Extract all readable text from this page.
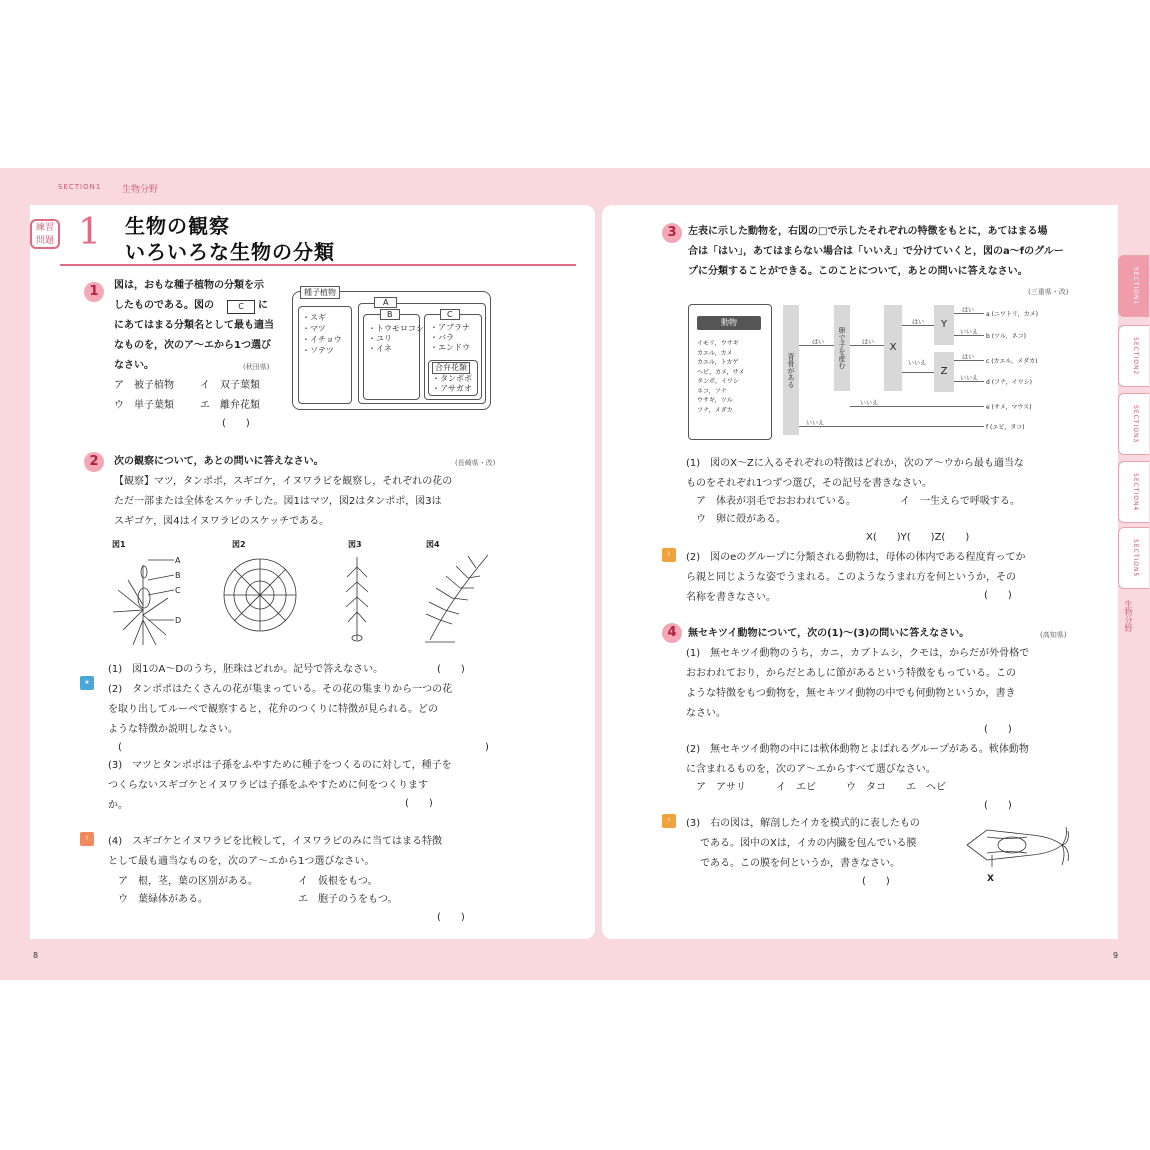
SECTION1 生物分野
練習問題 1 生物の観察
いろいろな生物の分類
1	図は，おもな種子植物の分類を示
したものである。図の	C	に
にあてはまる分類名として最も適当
なものを，次のア〜エから1つ選び
なさい。	(秋田県)
ア　被子植物	イ　双子葉類
ウ　単子葉類	エ　離弁花類
(　　)
種子植物
・スギ
・マツ
・イチョウ
・ソテツ
A
B
・トウモロコシ
・ユリ
・イネ
C
・アブラナ
・バラ
・エンドウ
合弁花類
・タンポポ
・アサガオ
2	次の観察について，あとの問いに答えなさい。	(長崎県・改)
【観察】マツ，タンポポ，スギゴケ，イヌワラビを観察し，それぞれの花の
ただ一部または全体をスケッチした。図1はマツ，図2はタンポポ，図3は
スギゴケ，図4はイヌワラビのスケッチである。
図1	図2	図3	図4
A
B
C
D
(1)　図1のA〜Dのうち，胚珠はどれか。記号で答えなさい。	(　　)
★
(2)　タンポポはたくさんの花が集まっている。その花の集まりから一つの花
を取り出してルーペで観察すると，花弁のつくりに特徴が見られる。どの
ような特徴か説明しなさい。
(	)
(3)　マツとタンポポは子孫をふやすために種子をつくるのに対して，種子を
つくらないスギゴケとイヌワラビは子孫をふやすために何をつくります
か。	(　　)
!	(4)　スギゴケとイヌワラビを比較して，イヌワラビのみに当てはまる特徴
として最も適当なものを，次のア〜エから1つ選びなさい。
ア　根，茎，葉の区別がある。	イ　仮根をもつ。
ウ　葉緑体がある。	エ　胞子のうをもつ。
(　　)
3	左表に示した動物を，右図の□で示したそれぞれの特徴をもとに，あてはまる場
合は「はい」，あてはまらない場合は「いいえ」で分けていくと，図のa〜fのグルー
プに分類することができる。このことについて，あとの問いに答えなさい。
(三重県・改)
動物
イモリ，ウサギ
カエル，カメ
カエル，トカゲ
ヘビ，カメ，サメ
タンポ，イワシ
ネコ，フナ
ウサギ，ツル
フナ，メダカ
背骨がある
卵で子を産む	X
Y
Z
はい	はい
はい
いいえ
はい
いいえ
はい
いいえ
いいえ
いいえ
a (ニワトリ，カメ)
b (ツル，ネコ)
c (カエル，メダカ)
d (フナ，イワシ)
e (サメ，マウス)
f (エビ，タコ)
(1)　図のX〜Zに入るそれぞれの特徴はどれか，次のア〜ウから最も適当な
ものをそれぞれ1つずつ選び，その記号を書きなさい。
ア　体表が羽毛でおおわれている。	イ　一生えらで呼吸する。
ウ　卵に殻がある。
X(　　)Y(　　)Z(　　)
!	(2)　図のeのグループに分類される動物は，母体の体内である程度育ってか
ら親と同じような姿でうまれる。このようなうまれ方を何というか，その
名称を書きなさい。	(　　)
4	無セキツイ動物について，次の(1)〜(3)の問いに答えなさい。	(高知県)
(1)　無セキツイ動物のうち，カニ，カブトムシ，クモは，からだが外骨格で
おおわれており，からだとあしに節があるという特徴をもっている。この
ような特徴をもつ動物を，無セキツイ動物の中でも何動物というか，書き
なさい。
(　　)
(2)　無セキツイ動物の中には軟体動物とよばれるグループがある。軟体動物
に含まれるものを，次のア〜エからすべて選びなさい。
ア　アサリ	イ　エビ	ウ　タコ エ　ヘビ
(　　)
!	(3)　右の図は，解剖したイカを模式的に表したもの
である。図中のXは，イカの内臓を包んでいる膜
である。この膜を何というか，書きなさい。
(　　)	X
SECTION1
SECTION2
SECTION3
SECTION4
SECTION5
生物分野
8	9
